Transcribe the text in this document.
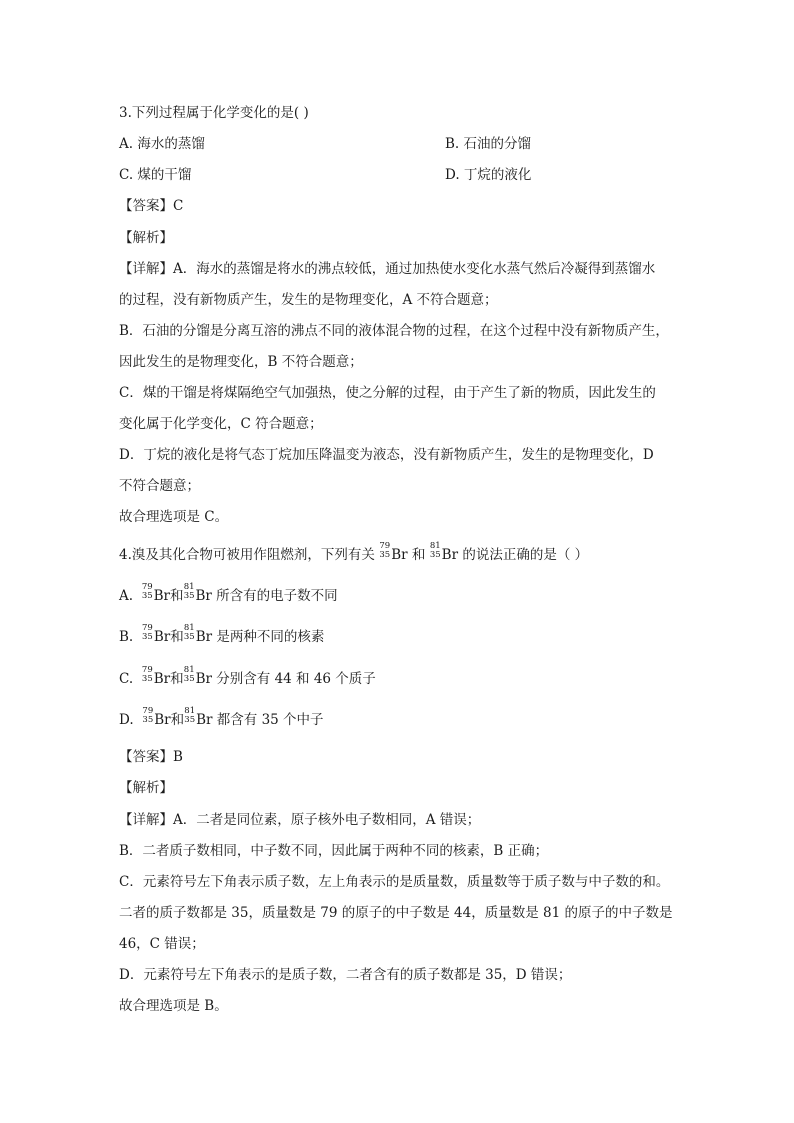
3.下列过程属于化学变化的是( )
A. 海水的蒸馏	B. 石油的分馏
C. 煤的干馏	D. 丁烷的液化
【答案】C
【解析】
【详解】A．海水的蒸馏是将水的沸点较低，通过加热使水变化水蒸气然后冷凝得到蒸馏水
的过程，没有新物质产生，发生的是物理变化，A 不符合题意；
B．石油的分馏是分离互溶的沸点不同的液体混合物的过程，在这个过程中没有新物质产生，
因此发生的是物理变化，B 不符合题意；
C．煤的干馏是将煤隔绝空气加强热，使之分解的过程，由于产生了新的物质，因此发生的
变化属于化学变化，C 符合题意；
D．丁烷的液化是将气态丁烷加压降温变为液态，没有新物质产生，发生的是物理变化，D
不符合题意；
故合理选项是 C。
4.溴及其化合物可被用作阻燃剂，下列有关
79
35 Br 和
81
35 Br 的说法正确的是（ ）
A.
79
35 Br和
81
35 Br 所含有的电子数不同
B.
79
35 Br和
81
35 Br 是两种不同的核素
C.
79
35 Br和
81
35 Br 分别含有 44 和 46 个质子
D.
79
35 Br和
81
35 Br 都含有 35 个中子
【答案】B
【解析】
【详解】A．二者是同位素，原子核外电子数相同，A 错误；
B．二者质子数相同，中子数不同，因此属于两种不同的核素，B 正确；
C．元素符号左下角表示质子数，左上角表示的是质量数，质量数等于质子数与中子数的和。
二者的质子数都是 35，质量数是 79 的原子的中子数是 44，质量数是 81 的原子的中子数是
46，C 错误；
D．元素符号左下角表示的是质子数，二者含有的质子数都是 35，D 错误；
故合理选项是 B。
